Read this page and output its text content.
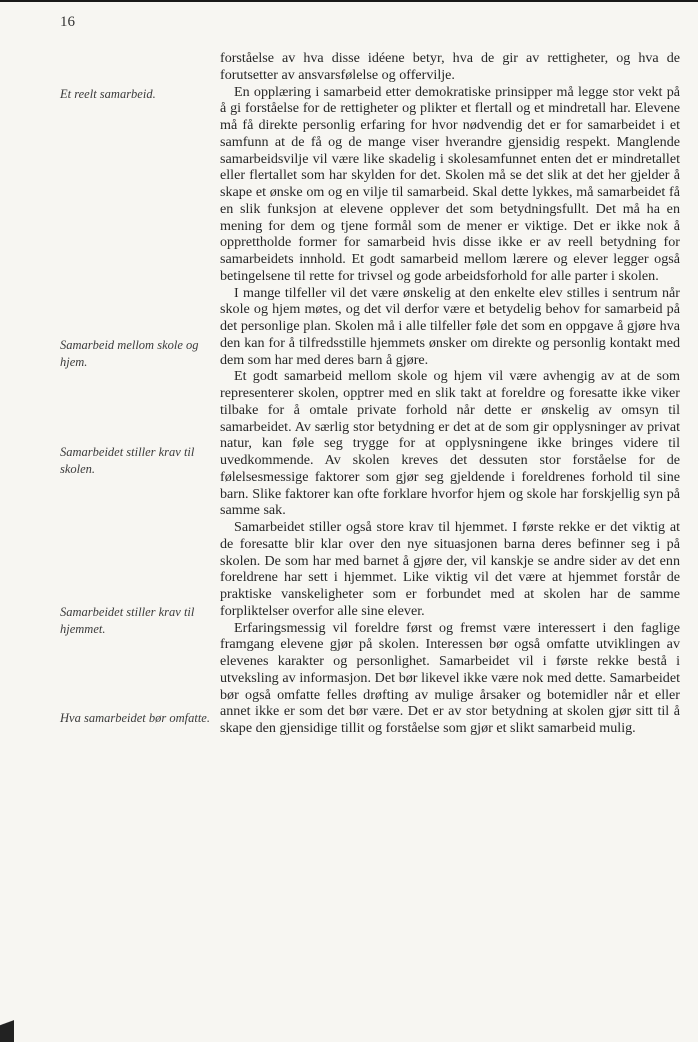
16
Et reelt samarbeid.
Samarbeid mellom skole og hjem.
Samarbeidet stiller krav til skolen.
Samarbeidet stiller krav til hjemmet.
Hva samarbeidet bør omfatte.

forståelse av hva disse idéene betyr, hva de gir av rettigheter, og hva de forutsetter av ansvarsfølelse og offervilje.

En opplæring i samarbeid etter demokratiske prinsipper må legge stor vekt på å gi forståelse for de rettigheter og plikter et flertall og et mindretall har. Elevene må få direkte personlig erfaring for hvor nødvendig det er for samarbeidet i et samfunn at de få og de mange viser hverandre gjensidig respekt. Manglende samarbeidsvilje vil være like skadelig i skolesamfunnet enten det er mindretallet eller flertallet som har skylden for det. Skolen må se det slik at det her gjelder å skape et ønske om og en vilje til samarbeid. Skal dette lykkes, må samarbeidet få en slik funksjon at elevene opplever det som betydningsfullt. Det må ha en mening for dem og tjene formål som de mener er viktige. Det er ikke nok å opprettholde former for samarbeid hvis disse ikke er av reell betydning for samarbeidets innhold. Et godt samarbeid mellom lærere og elever legger også betingelsene til rette for trivsel og gode arbeidsforhold for alle parter i skolen.

I mange tilfeller vil det være ønskelig at den enkelte elev stilles i sentrum når skole og hjem møtes, og det vil derfor være et betydelig behov for samarbeid på det personlige plan. Skolen må i alle tilfeller føle det som en oppgave å gjøre hva den kan for å tilfredsstille hjemmets ønsker om direkte og personlig kontakt med dem som har med deres barn å gjøre.

Et godt samarbeid mellom skole og hjem vil være avhengig av at de som representerer skolen, opptrer med en slik takt at foreldre og foresatte ikke viker tilbake for å omtale private forhold når dette er ønskelig av omsyn til samarbeidet. Av særlig stor betydning er det at de som gir opplysninger av privat natur, kan føle seg trygge for at opplysningene ikke bringes videre til uvedkommende. Av skolen kreves det dessuten stor forståelse for de følelsesmessige faktorer som gjør seg gjeldende i foreldrenes forhold til sine barn. Slike faktorer kan ofte forklare hvorfor hjem og skole har forskjellig syn på samme sak.

Samarbeidet stiller også store krav til hjemmet. I første rekke er det viktig at de foresatte blir klar over den nye situasjonen barna deres befinner seg i på skolen. De som har med barnet å gjøre der, vil kanskje se andre sider av det enn foreldrene har sett i hjemmet. Like viktig vil det være at hjemmet forstår de praktiske vanskeligheter som er forbundet med at skolen har de samme forpliktelser overfor alle sine elever.

Erfaringsmessig vil foreldre først og fremst være interessert i den faglige framgang elevene gjør på skolen. Interessen bør også omfatte utviklingen av elevenes karakter og personlighet. Samarbeidet vil i første rekke bestå i utveksling av informasjon. Det bør likevel ikke være nok med dette. Samarbeidet bør også omfatte felles drøfting av mulige årsaker og botemidler når et eller annet ikke er som det bør være. Det er av stor betydning at skolen gjør sitt til å skape den gjensidige tillit og forståelse som gjør et slikt samarbeid mulig.
